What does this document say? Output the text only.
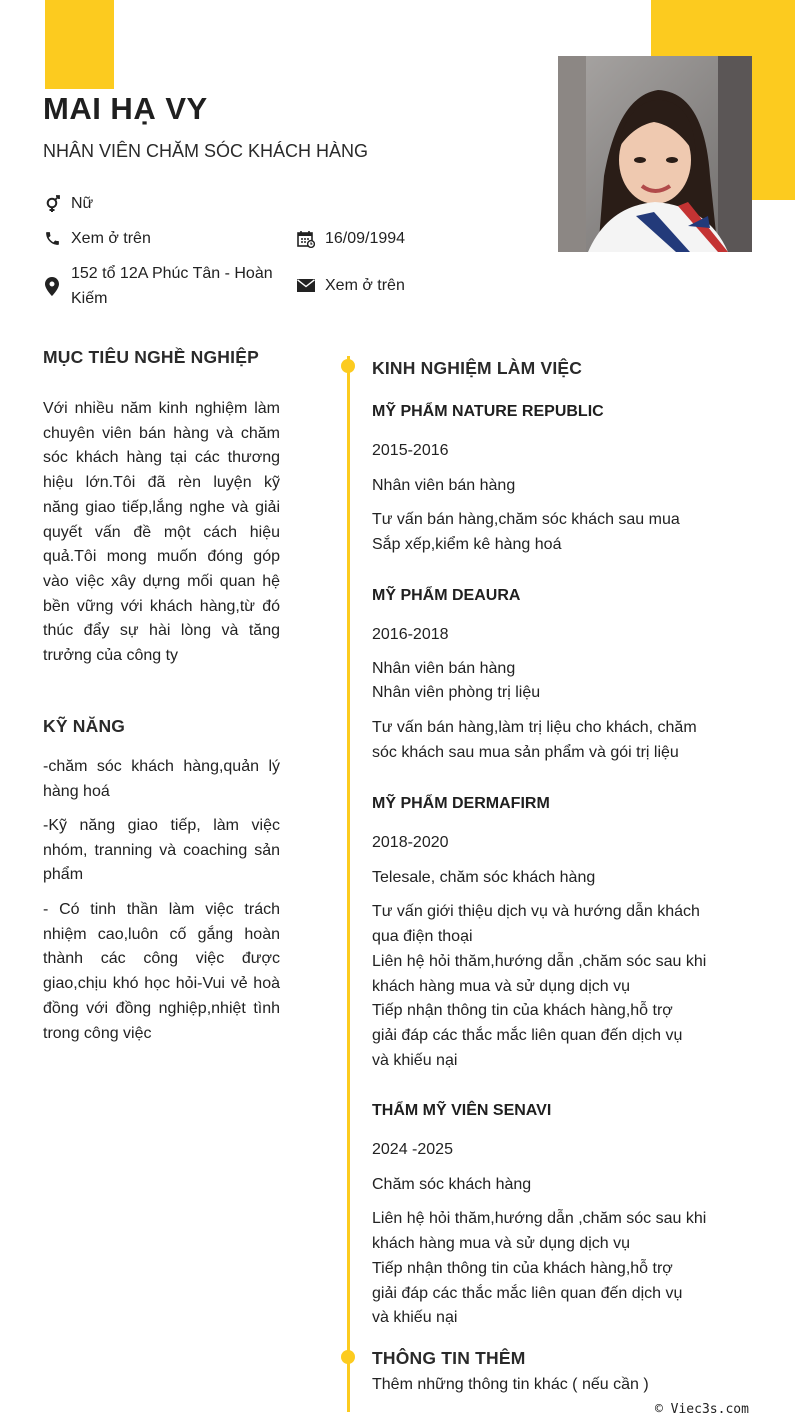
MAI HẠ VY
NHÂN VIÊN CHĂM SÓC KHÁCH HÀNG
Nữ
Xem ở trên	16/09/1994
152 tổ 12A Phúc Tân - Hoàn Kiếm
Xem ở trên
MỤC TIÊU NGHỀ NGHIỆP

Với nhiều năm kinh nghiệm làm chuyên viên bán hàng và chăm sóc khách hàng tại các thương hiệu lớn.Tôi đã rèn luyện kỹ năng giao tiếp,lắng nghe và giải quyết vấn đề một cách hiệu quả.Tôi mong muốn đóng góp vào việc xây dựng mối quan hệ bền vững với khách hàng,từ đó thúc đẩy sự hài lòng và tăng trưởng của công ty

KỸ NĂNG

-chăm sóc khách hàng,quản lý hàng hoá

-Kỹ năng giao tiếp, làm việc nhóm, tranning và coaching sản phẩm

- Có tinh thần làm việc trách nhiệm cao,luôn cố gắng hoàn thành các công việc được giao,chịu khó học hỏi-Vui vẻ hoà đồng với đồng nghiệp,nhiệt tình trong công việc

KINH NGHIỆM LÀM VIỆC

MỸ PHẨM NATURE REPUBLIC

2015-2016

Nhân viên bán hàng

Tư vấn bán hàng,chăm sóc khách sau mua

Sắp xếp,kiểm kê hàng hoá

MỸ PHẨM DEAURA

2016-2018

Nhân viên bán hàng

Nhân viên phòng trị liệu

Tư vấn bán hàng,làm trị liệu cho khách, chăm

sóc khách sau mua sản phẩm và gói trị liệu

MỸ PHẨM DERMAFIRM

2018-2020

Telesale, chăm sóc khách hàng

Tư vấn giới thiệu dịch vụ và hướng dẫn khách

qua điện thoại

Liên hệ hỏi thăm,hướng dẫn ,chăm sóc sau khi

khách hàng mua và sử dụng dịch vụ

Tiếp nhận thông tin của khách hàng,hỗ trợ

giải đáp các thắc mắc liên quan đến dịch vụ

và khiếu nại

THẨM MỸ VIÊN SENAVI

2024 -2025

Chăm sóc khách hàng

Liên hệ hỏi thăm,hướng dẫn ,chăm sóc sau khi

khách hàng mua và sử dụng dịch vụ

Tiếp nhận thông tin của khách hàng,hỗ trợ

giải đáp các thắc mắc liên quan đến dịch vụ

và khiếu nại

THÔNG TIN THÊM

Thêm những thông tin khác ( nếu cần )

© Viec3s.com
